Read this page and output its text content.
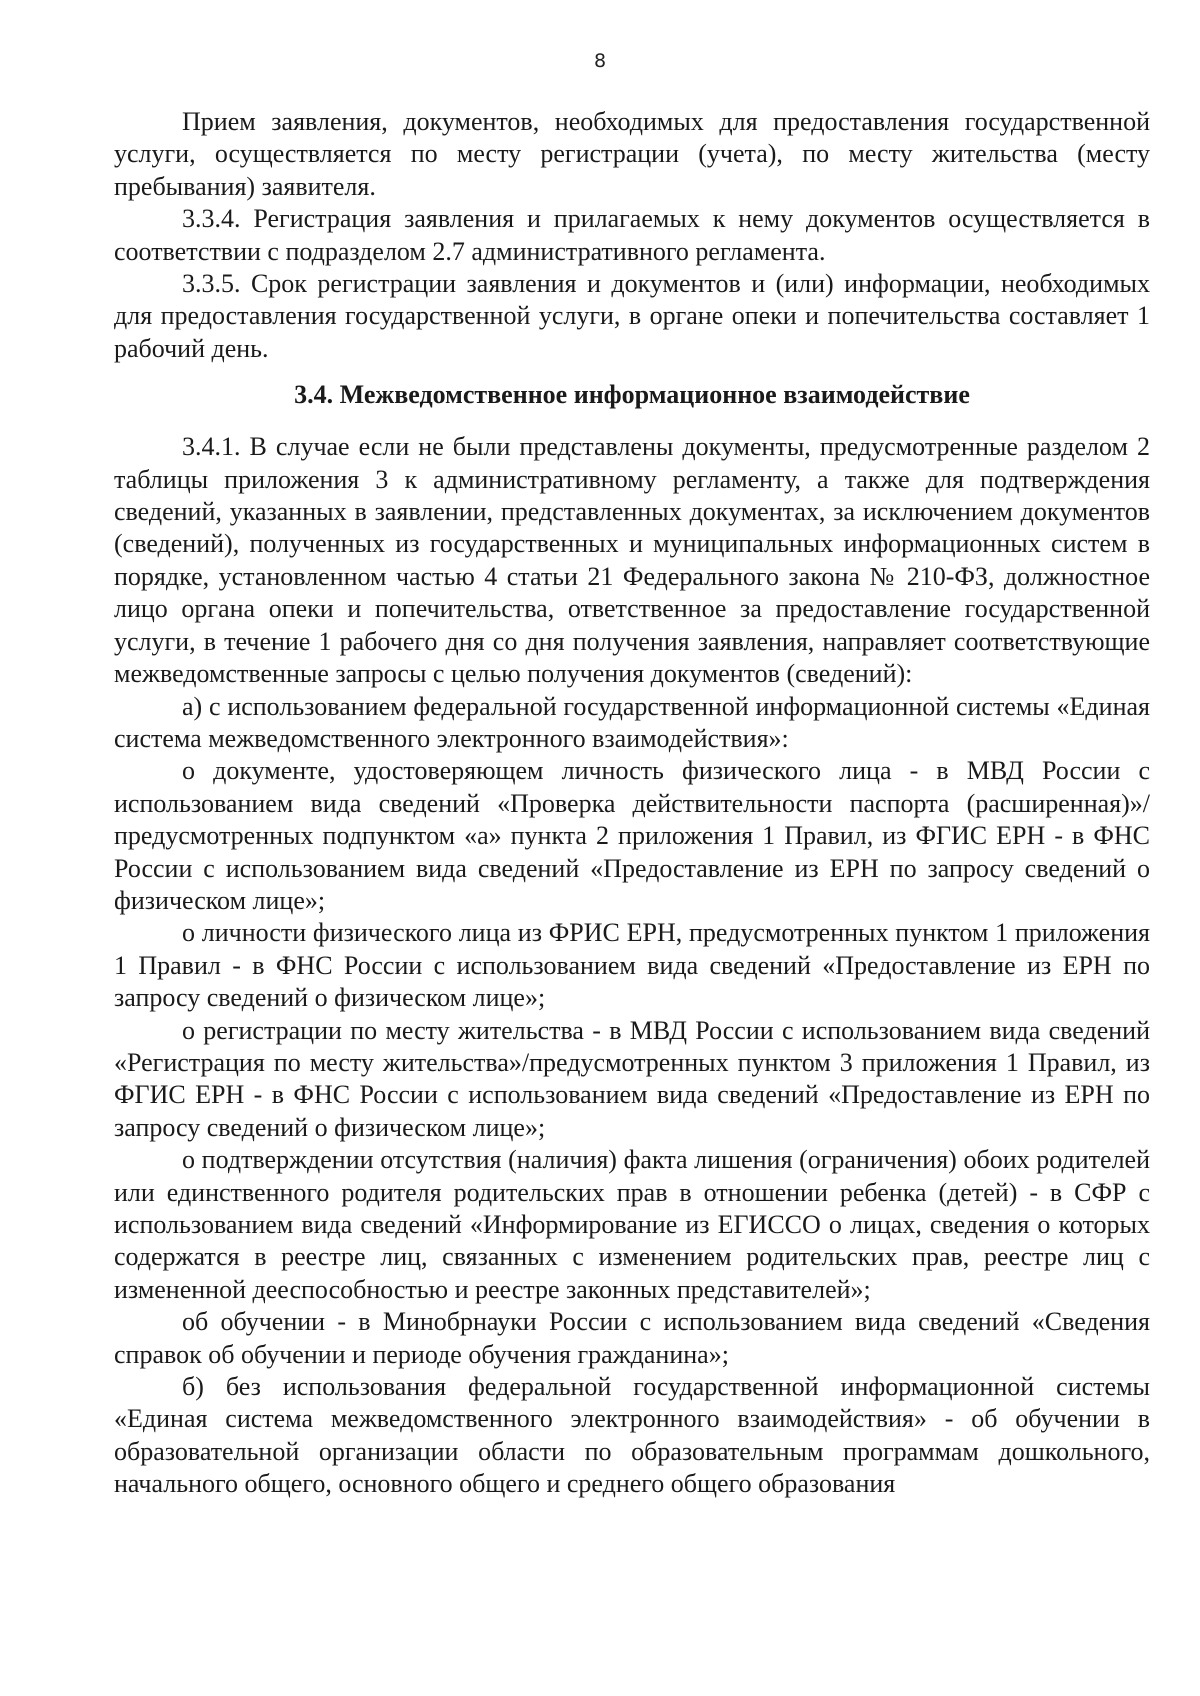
8

Прием заявления, документов, необходимых для предоставления государственной услуги, осуществляется по месту регистрации (учета), по месту жительства (месту пребывания) заявителя.

3.3.4. Регистрация заявления и прилагаемых к нему документов осуществляется в соответствии с подразделом 2.7 административного регламента.

3.3.5. Срок регистрации заявления и документов и (или) информации, необходимых для предоставления государственной услуги, в органе опеки и попечительства составляет 1 рабочий день.

3.4. Межведомственное информационное взаимодействие

3.4.1. В случае если не были представлены документы, предусмотренные разделом 2 таблицы приложения 3 к административному регламенту, а также для подтверждения сведений, указанных в заявлении, представленных документах, за исключением документов (сведений), полученных из государственных и муниципальных информационных систем в порядке, установленном частью 4 статьи 21 Федерального закона № 210-ФЗ, должностное лицо органа опеки и попечительства, ответственное за предоставление государственной услуги, в течение 1 рабочего дня со дня получения заявления, направляет соответствующие межведомственные запросы с целью получения документов (сведений):

а) с использованием федеральной государственной информационной системы «Единая система межведомственного электронного взаимодействия»:

о документе, удостоверяющем личность физического лица - в МВД России с использованием вида сведений «Проверка действительности паспорта (расширенная)»/предусмотренных подпунктом «а» пункта 2 приложения 1 Правил, из ФГИС ЕРН - в ФНС России с использованием вида сведений «Предоставление из ЕРН по запросу сведений о физическом лице»;

о личности физического лица из ФРИС ЕРН, предусмотренных пунктом 1 приложения 1 Правил - в ФНС России с использованием вида сведений «Предоставление из ЕРН по запросу сведений о физическом лице»;

о регистрации по месту жительства - в МВД России с использованием вида сведений «Регистрация по месту жительства»/предусмотренных пунктом 3 приложения 1 Правил, из ФГИС ЕРН - в ФНС России с использованием вида сведений «Предоставление из ЕРН по запросу сведений о физическом лице»;

о подтверждении отсутствия (наличия) факта лишения (ограничения) обоих родителей или единственного родителя родительских прав в отношении ребенка (детей) - в СФР с использованием вида сведений «Информирование из ЕГИССО о лицах, сведения о которых содержатся в реестре лиц, связанных с изменением родительских прав, реестре лиц с измененной дееспособностью и реестре законных представителей»;

об обучении - в Минобрнауки России с использованием вида сведений «Сведения справок об обучении и периоде обучения гражданина»;

б) без использования федеральной государственной информационной системы «Единая система межведомственного электронного взаимодействия» - об обучении в образовательной организации области по образовательным программам дошкольного, начального общего, основного общего и среднего общего образования
